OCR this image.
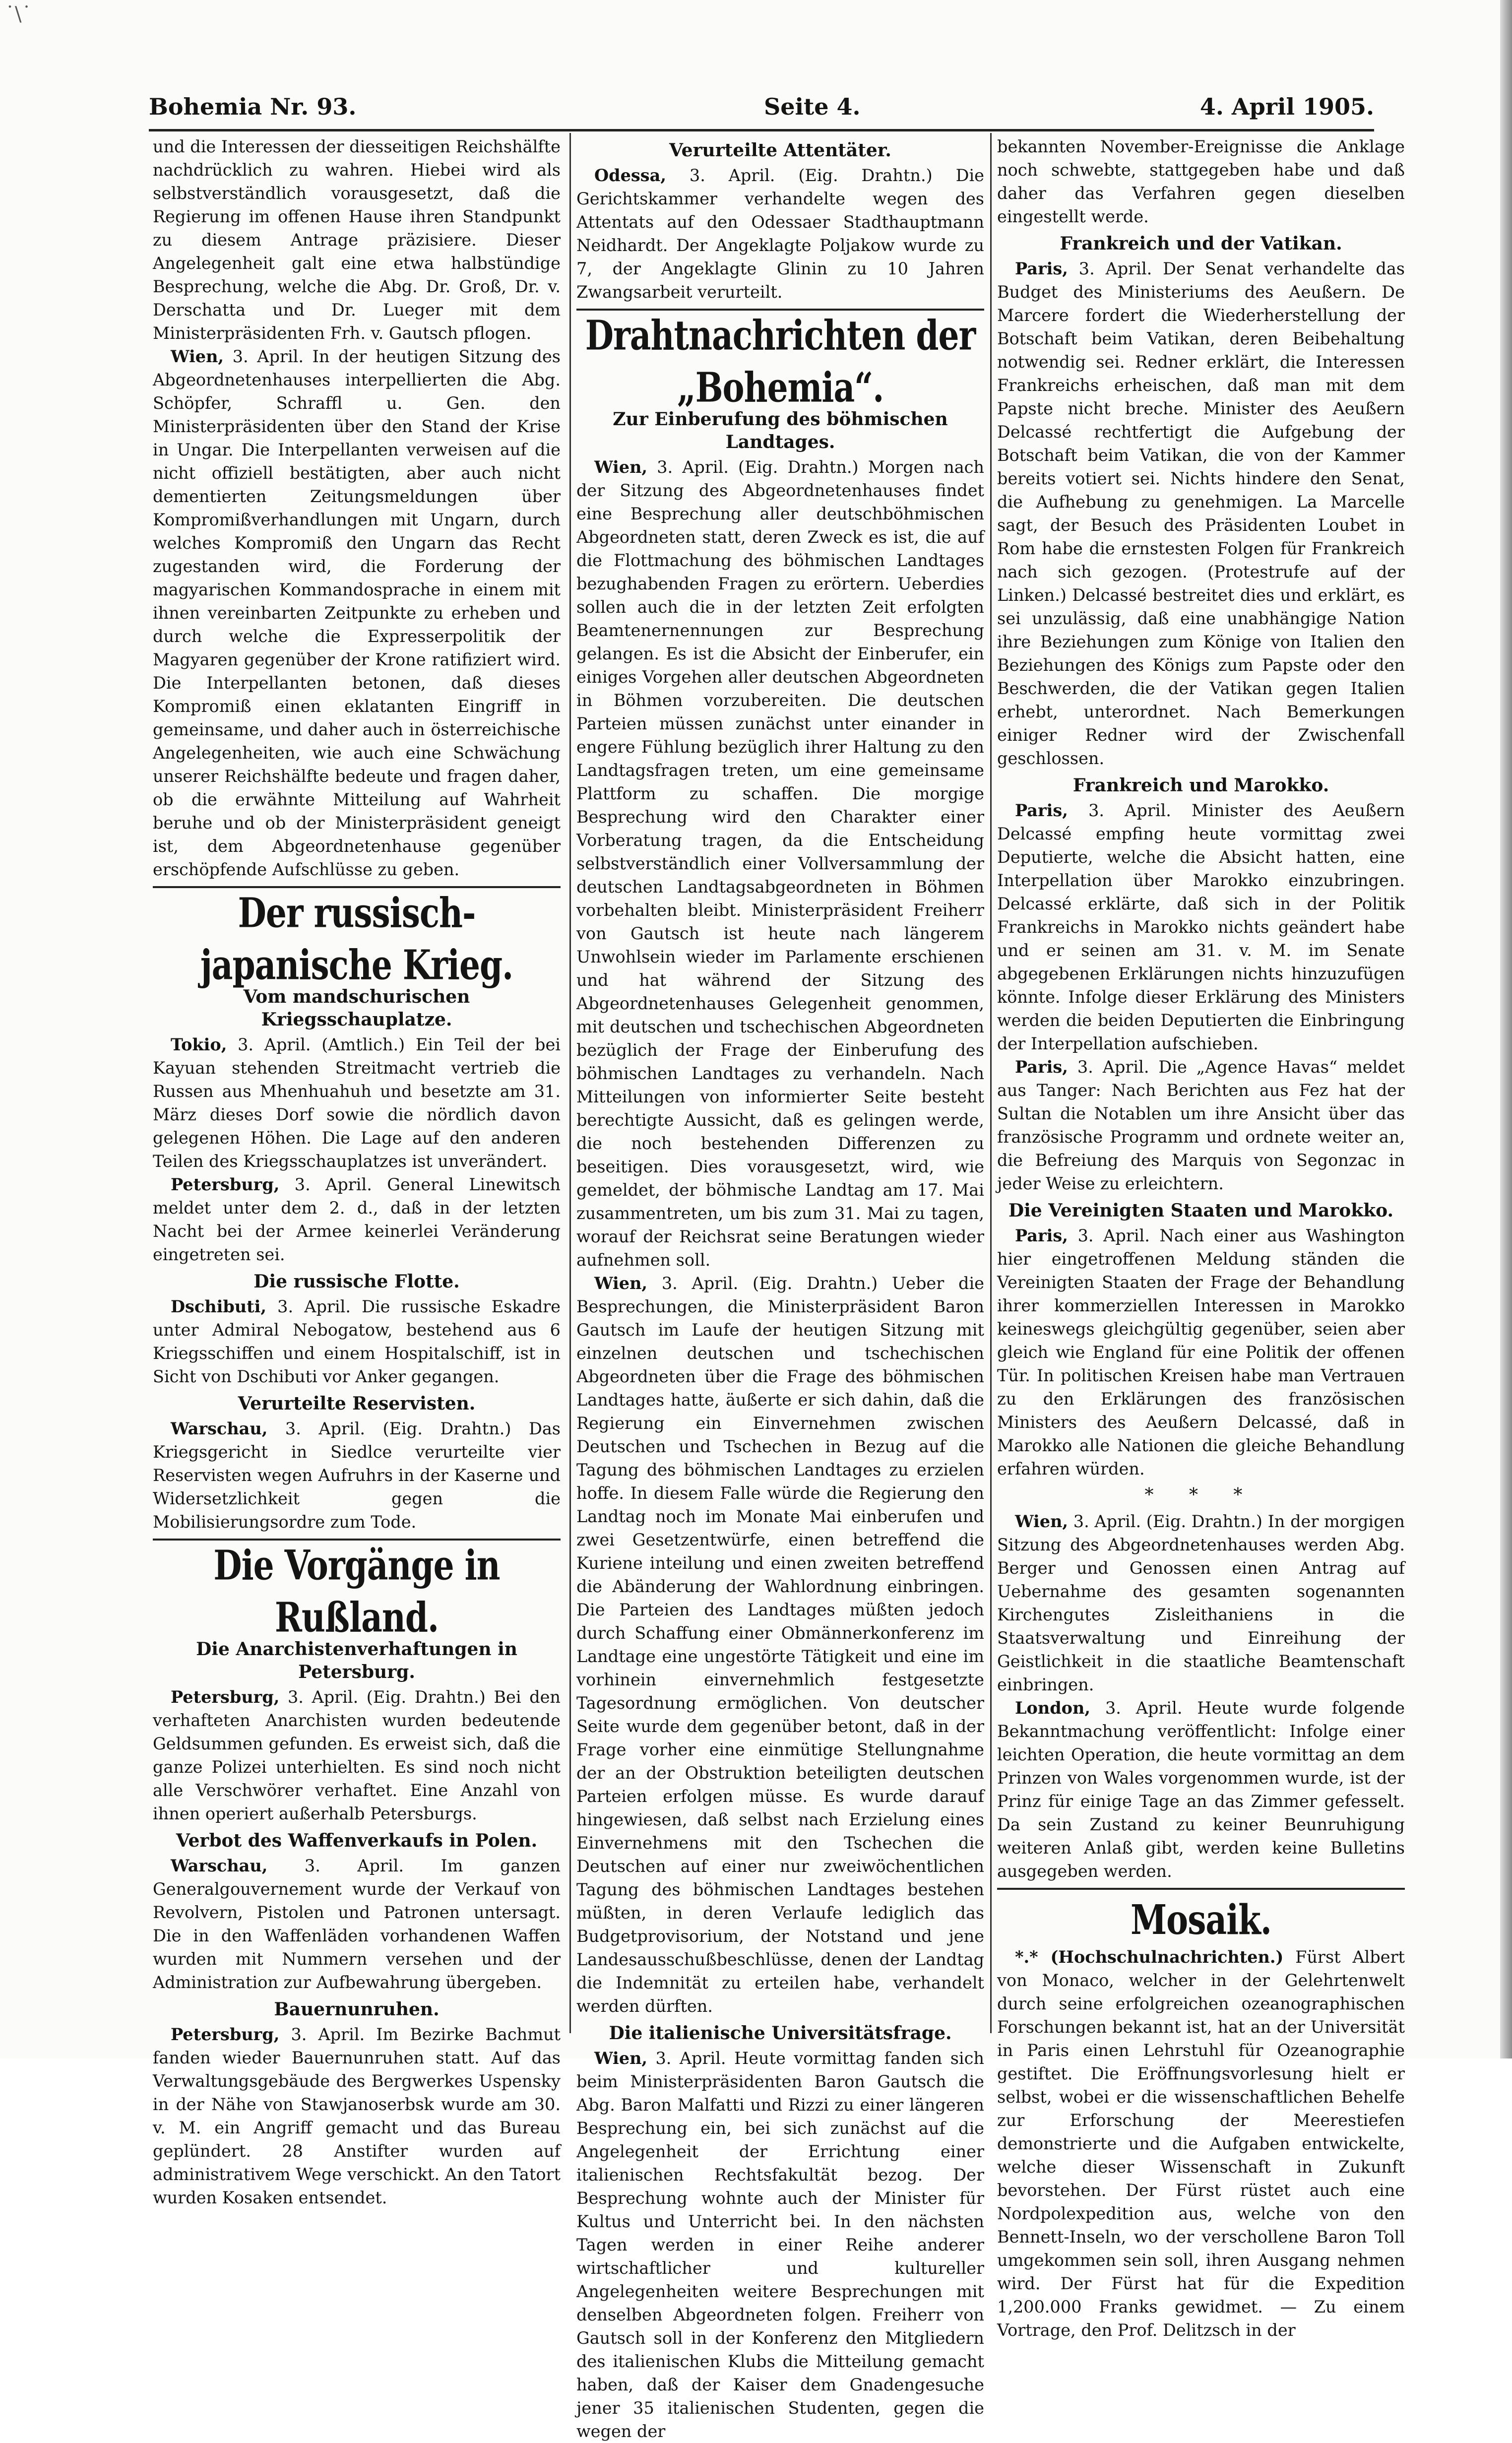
˙\˙
Bohemia Nr. 93.	Seite 4.	4. April 1905.

und die Interessen der diesseitigen Reichshälfte nachdrücklich zu wahren. Hiebei wird als selbstverständlich vorausgesetzt, daß die Regierung im offenen Hause ihren Standpunkt zu diesem Antrage präzisiere. Dieser Angelegenheit galt eine etwa halbstündige Besprechung, welche die Abg. Dr. Groß, Dr. v. Derschatta und Dr. Lueger mit dem Ministerpräsidenten Frh. v. Gautsch pflogen.

Wien, 3. April. In der heutigen Sitzung des Abgeordnetenhauses interpellierten die Abg. Schöpfer, Schraffl u. Gen. den Ministerpräsidenten über den Stand der Krise in Ungar. Die Interpellanten verweisen auf die nicht offiziell bestätigten, aber auch nicht dementierten Zeitungsmeldungen über Kompromißverhandlungen mit Ungarn, durch welches Kompromiß den Ungarn das Recht zugestanden wird, die Forderung der magyarischen Kommandosprache in einem mit ihnen vereinbarten Zeitpunkte zu erheben und durch welche die Expresserpolitik der Magyaren gegenüber der Krone ratifiziert wird. Die Interpellanten betonen, daß dieses Kompromiß einen eklatanten Eingriff in gemeinsame, und daher auch in österreichische Angelegenheiten, wie auch eine Schwächung unserer Reichshälfte bedeute und fragen daher, ob die erwähnte Mitteilung auf Wahrheit beruhe und ob der Ministerpräsident geneigt ist, dem Abgeordnetenhause gegenüber erschöpfende Aufschlüsse zu geben.

Der russisch-japanische Krieg.
Vom mandschurischen Kriegsschauplatze.

Tokio, 3. April. (Amtlich.) Ein Teil der bei Kayuan stehenden Streitmacht vertrieb die Russen aus Mhenhuahuh und besetzte am 31. März dieses Dorf sowie die nördlich davon gelegenen Höhen. Die Lage auf den anderen Teilen des Kriegsschauplatzes ist unverändert.

Petersburg, 3. April. General Linewitsch meldet unter dem 2. d., daß in der letzten Nacht bei der Armee keinerlei Veränderung eingetreten sei.

Die russische Flotte.

Dschibuti, 3. April. Die russische Eskadre unter Admiral Nebogatow, bestehend aus 6 Kriegsschiffen und einem Hospitalschiff, ist in Sicht von Dschibuti vor Anker gegangen.

Verurteilte Reservisten.

Warschau, 3. April. (Eig. Drahtn.) Das Kriegsgericht in Siedlce verurteilte vier Reservisten wegen Aufruhrs in der Kaserne und Widersetzlichkeit gegen die Mobilisierungsordre zum Tode.

Die Vorgänge in Rußland.
Die Anarchistenverhaftungen in Petersburg.

Petersburg, 3. April. (Eig. Drahtn.) Bei den verhafteten Anarchisten wurden bedeutende Geldsummen gefunden. Es erweist sich, daß die ganze Polizei unterhielten. Es sind noch nicht alle Verschwörer verhaftet. Eine Anzahl von ihnen operiert außerhalb Petersburgs.

Verbot des Waffenverkaufs in Polen.

Warschau, 3. April. Im ganzen Generalgouvernement wurde der Verkauf von Revolvern, Pistolen und Patronen untersagt. Die in den Waffenläden vorhandenen Waffen wurden mit Nummern versehen und der Administration zur Aufbewahrung übergeben.

Bauernunruhen.

Petersburg, 3. April. Im Bezirke Bachmut fanden wieder Bauernunruhen statt. Auf das Verwaltungsgebäude des Bergwerkes Uspensky in der Nähe von Stawjanoserbsk wurde am 30. v. M. ein Angriff gemacht und das Bureau geplündert. 28 Anstifter wurden auf administrativem Wege verschickt. An den Tatort wurden Kosaken entsendet.

Verurteilte Attentäter.

Odessa, 3. April. (Eig. Drahtn.) Die Gerichtskammer verhandelte wegen des Attentats auf den Odessaer Stadthauptmann Neidhardt. Der Angeklagte Poljakow wurde zu 7, der Angeklagte Glinin zu 10 Jahren Zwangsarbeit verurteilt.

Drahtnachrichten der „Bohemia“.
Zur Einberufung des böhmischen Landtages.

Wien, 3. April. (Eig. Drahtn.) Morgen nach der Sitzung des Abgeordnetenhauses findet eine Besprechung aller deutschböhmischen Abgeordneten statt, deren Zweck es ist, die auf die Flottmachung des böhmischen Landtages bezughabenden Fragen zu erörtern. Ueberdies sollen auch die in der letzten Zeit erfolgten Beamtenernennungen zur Besprechung gelangen. Es ist die Absicht der Einberufer, ein einiges Vorgehen aller deutschen Abgeordneten in Böhmen vorzubereiten. Die deutschen Parteien müssen zunächst unter einander in engere Fühlung bezüglich ihrer Haltung zu den Landtagsfragen treten, um eine gemeinsame Plattform zu schaffen. Die morgige Besprechung wird den Charakter einer Vorberatung tragen, da die Entscheidung selbstverständlich einer Vollversammlung der deutschen Landtagsabgeordneten in Böhmen vorbehalten bleibt. Ministerpräsident Freiherr von Gautsch ist heute nach längerem Unwohlsein wieder im Parlamente erschienen und hat während der Sitzung des Abgeordnetenhauses Gelegenheit genommen, mit deutschen und tschechischen Abgeordneten bezüglich der Frage der Einberufung des böhmischen Landtages zu verhandeln. Nach Mitteilungen von informierter Seite besteht berechtigte Aussicht, daß es gelingen werde, die noch bestehenden Differenzen zu beseitigen. Dies vorausgesetzt, wird, wie gemeldet, der böhmische Landtag am 17. Mai zusammentreten, um bis zum 31. Mai zu tagen, worauf der Reichsrat seine Beratungen wieder aufnehmen soll.

Wien, 3. April. (Eig. Drahtn.) Ueber die Besprechungen, die Ministerpräsident Baron Gautsch im Laufe der heutigen Sitzung mit einzelnen deutschen und tschechischen Abgeordneten über die Frage des böhmischen Landtages hatte, äußerte er sich dahin, daß die Regierung ein Einvernehmen zwischen Deutschen und Tschechen in Bezug auf die Tagung des böhmischen Landtages zu erzielen hoffe. In diesem Falle würde die Regierung den Landtag noch im Monate Mai einberufen und zwei Gesetzentwürfe, einen betreffend die Kuriene inteilung und einen zweiten betreffend die Abänderung der Wahlordnung einbringen. Die Parteien des Landtages müßten jedoch durch Schaffung einer Obmännerkonferenz im Landtage eine ungestörte Tätigkeit und eine im vorhinein einvernehmlich festgesetzte Tagesordnung ermöglichen. Von deutscher Seite wurde dem gegenüber betont, daß in der Frage vorher eine einmütige Stellungnahme der an der Obstruktion beteiligten deutschen Parteien erfolgen müsse. Es wurde darauf hingewiesen, daß selbst nach Erzielung eines Einvernehmens mit den Tschechen die Deutschen auf einer nur zweiwöchentlichen Tagung des böhmischen Landtages bestehen müßten, in deren Verlaufe lediglich das Budgetprovisorium, der Notstand und jene Landesausschußbeschlüsse, denen der Landtag die Indemnität zu erteilen habe, verhandelt werden dürften.

Die italienische Universitätsfrage.

Wien, 3. April. Heute vormittag fanden sich beim Ministerpräsidenten Baron Gautsch die Abg. Baron Malfatti und Rizzi zu einer längeren Besprechung ein, bei sich zunächst auf die Angelegenheit der Errichtung einer italienischen Rechtsfakultät bezog. Der Besprechung wohnte auch der Minister für Kultus und Unterricht bei. In den nächsten Tagen werden in einer Reihe anderer wirtschaftlicher und kultureller Angelegenheiten weitere Besprechungen mit denselben Abgeordneten folgen. Freiherr von Gautsch soll in der Konferenz den Mitgliedern des italienischen Klubs die Mitteilung gemacht haben, daß der Kaiser dem Gnadengesuche jener 35 italienischen Studenten, gegen die wegen der

bekannten November-Ereignisse die Anklage noch schwebte, stattgegeben habe und daß daher das Verfahren gegen dieselben eingestellt werde.

Frankreich und der Vatikan.

Paris, 3. April. Der Senat verhandelte das Budget des Ministeriums des Aeußern. De Marcere fordert die Wiederherstellung der Botschaft beim Vatikan, deren Beibehaltung notwendig sei. Redner erklärt, die Interessen Frankreichs erheischen, daß man mit dem Papste nicht breche. Minister des Aeußern Delcassé rechtfertigt die Aufgebung der Botschaft beim Vatikan, die von der Kammer bereits votiert sei. Nichts hindere den Senat, die Aufhebung zu genehmigen. La Marcelle sagt, der Besuch des Präsidenten Loubet in Rom habe die ernstesten Folgen für Frankreich nach sich gezogen. (Protestrufe auf der Linken.) Delcassé bestreitet dies und erklärt, es sei unzulässig, daß eine unabhängige Nation ihre Beziehungen zum Könige von Italien den Beziehungen des Königs zum Papste oder den Beschwerden, die der Vatikan gegen Italien erhebt, unterordnet. Nach Bemerkungen einiger Redner wird der Zwischenfall geschlossen.

Frankreich und Marokko.

Paris, 3. April. Minister des Aeußern Delcassé empfing heute vormittag zwei Deputierte, welche die Absicht hatten, eine Interpellation über Marokko einzubringen. Delcassé erklärte, daß sich in der Politik Frankreichs in Marokko nichts geändert habe und er seinen am 31. v. M. im Senate abgegebenen Erklärungen nichts hinzuzufügen könnte. Infolge dieser Erklärung des Ministers werden die beiden Deputierten die Einbringung der Interpellation aufschieben.

Paris, 3. April. Die „Agence Havas“ meldet aus Tanger: Nach Berichten aus Fez hat der Sultan die Notablen um ihre Ansicht über das französische Programm und ordnete weiter an, die Befreiung des Marquis von Segonzac in jeder Weise zu erleichtern.

Die Vereinigten Staaten und Marokko.

Paris, 3. April. Nach einer aus Washington hier eingetroffenen Meldung ständen die Vereinigten Staaten der Frage der Behandlung ihrer kommerziellen Interessen in Marokko keineswegs gleichgültig gegenüber, seien aber gleich wie England für eine Politik der offenen Tür. In politischen Kreisen habe man Vertrauen zu den Erklärungen des französischen Ministers des Aeußern Delcassé, daß in Marokko alle Nationen die gleiche Behandlung erfahren würden.

* * *

Wien, 3. April. (Eig. Drahtn.) In der morgigen Sitzung des Abgeordnetenhauses werden Abg. Berger und Genossen einen Antrag auf Uebernahme des gesamten sogenannten Kirchengutes Zisleithaniens in die Staatsverwaltung und Einreihung der Geistlichkeit in die staatliche Beamtenschaft einbringen.

London, 3. April. Heute wurde folgende Bekanntmachung veröffentlicht: Infolge einer leichten Operation, die heute vormittag an dem Prinzen von Wales vorgenommen wurde, ist der Prinz für einige Tage an das Zimmer gefesselt. Da sein Zustand zu keiner Beunruhigung weiteren Anlaß gibt, werden keine Bulletins ausgegeben werden.

Mosaik.

*.* (Hochschulnachrichten.) Fürst Albert von Monaco, welcher in der Gelehrtenwelt durch seine erfolgreichen ozeanographischen Forschungen bekannt ist, hat an der Universität in Paris einen Lehrstuhl für Ozeanographie gestiftet. Die Eröffnungsvorlesung hielt er selbst, wobei er die wissenschaftlichen Behelfe zur Erforschung der Meerestiefen demonstrierte und die Aufgaben entwickelte, welche dieser Wissenschaft in Zukunft bevorstehen. Der Fürst rüstet auch eine Nordpolexpedition aus, welche von den Bennett-Inseln, wo der verschollene Baron Toll umgekommen sein soll, ihren Ausgang nehmen wird. Der Fürst hat für die Expedition 1,200.000 Franks gewidmet. — Zu einem Vortrage, den Prof. Delitzsch in der
